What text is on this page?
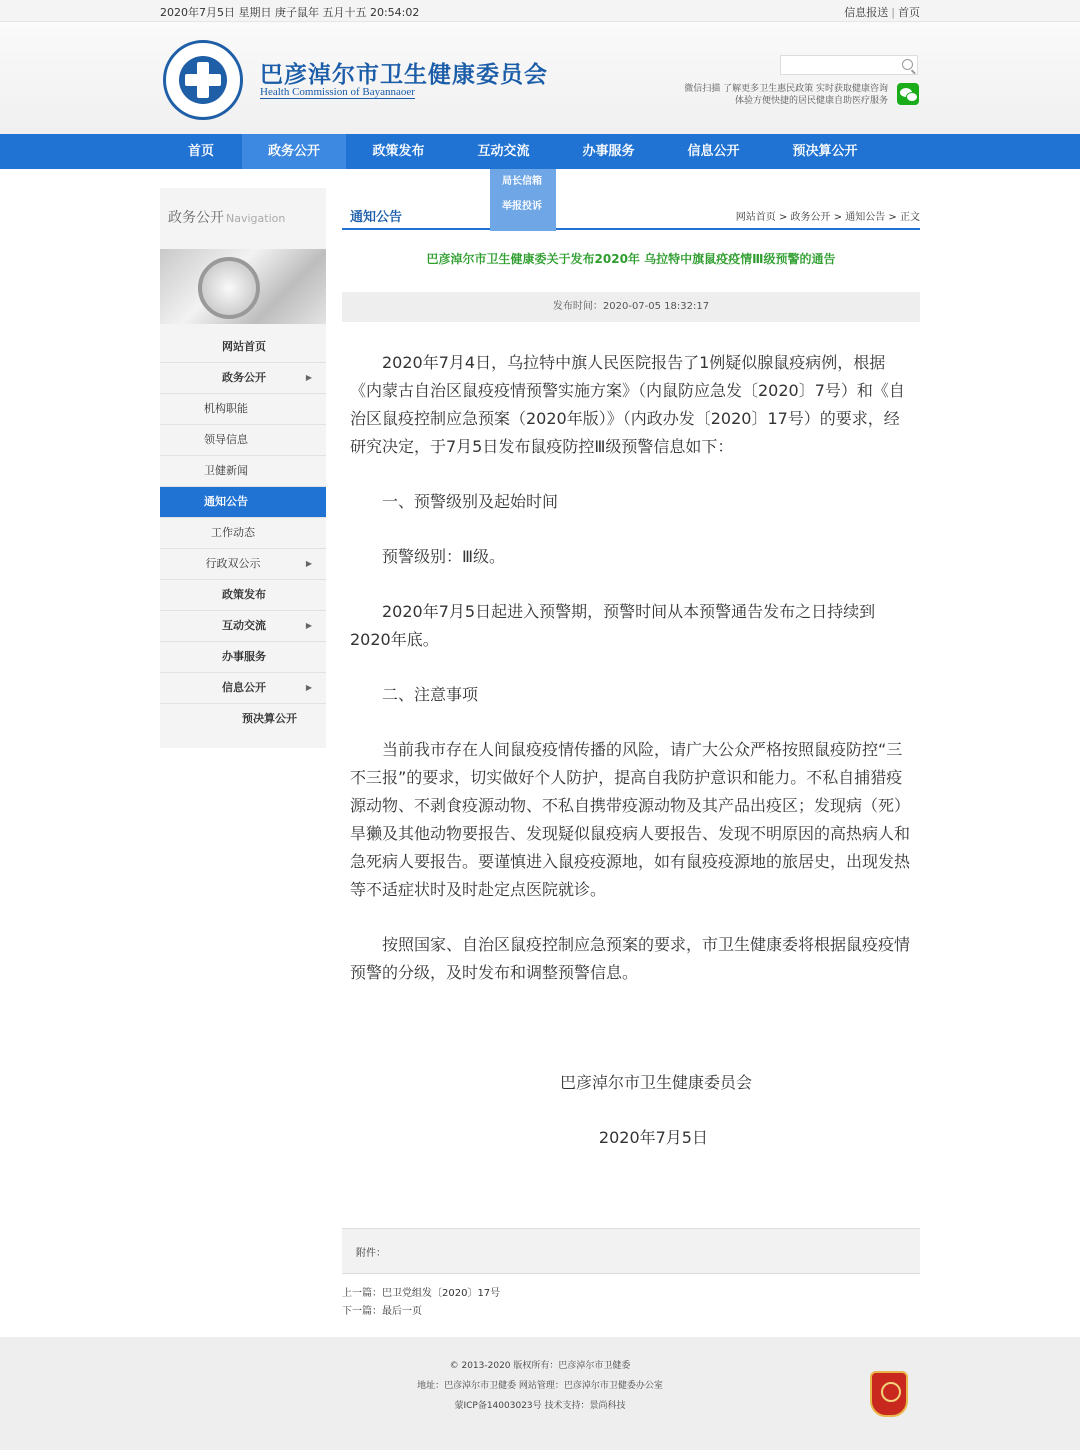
2020年7月5日 星期日 庚子鼠年 五月十五 20:54:02	信息报送 | 首页
巴彦淖尔市卫生健康委员会
Health Commission of Bayannaoer	微信扫描 了解更多卫生惠民政策 实时获取健康咨询
体验方便快捷的居民健康自助医疗服务
首页	政务公开	政策发布	互动交流	办事服务	信息公开	预决算公开
政务公开 Navigation
网站首页
政务公开	▶
机构职能
领导信息
卫健新闻
通知公告
工作动态
行政双公示	▶
政策发布
互动交流	▶
办事服务
信息公开	▶
预决算公开
通知公告	网站首页 > 政务公开 > 通知公告 > 正文
巴彦淖尔市卫生健康委关于发布2020年 乌拉特中旗鼠疫疫情Ⅲ级预警的通告
发布时间：2020-07-05 18:32:17

2020年7月4日，乌拉特中旗人民医院报告了1例疑似腺鼠疫病例，根据《内蒙古自治区鼠疫疫情预警实施方案》（内鼠防应急发〔2020〕7号）和《自治区鼠疫控制应急预案（2020年版）》（内政办发〔2020〕17号）的要求，经研究决定，于7月5日发布鼠疫防控Ⅲ级预警信息如下：

一、预警级别及起始时间

预警级别：Ⅲ级。

2020年7月5日起进入预警期，预警时间从本预警通告发布之日持续到2020年底。

二、注意事项

当前我市存在人间鼠疫疫情传播的风险，请广大公众严格按照鼠疫防控“三不三报”的要求，切实做好个人防护，提高自我防护意识和能力。不私自捕猎疫源动物、不剥食疫源动物、不私自携带疫源动物及其产品出疫区；发现病（死）旱獭及其他动物要报告、发现疑似鼠疫病人要报告、发现不明原因的高热病人和急死病人要报告。要谨慎进入鼠疫疫源地，如有鼠疫疫源地的旅居史，出现发热等不适症状时及时赴定点医院就诊。

按照国家、自治区鼠疫控制应急预案的要求，市卫生健康委将根据鼠疫疫情预警的分级，及时发布和调整预警信息。

巴彦淖尔市卫生健康委员会

2020年7月5日

局长信箱
举报投诉
附件：
上一篇：巴卫党组发〔2020〕17号
下一篇：最后一页
© 2013-2020 版权所有：巴彦淖尔市卫健委
地址：巴彦淖尔市卫健委 网站管理：巴彦淖尔市卫健委办公室
蒙ICP备14003023号 技术支持：景尚科技
